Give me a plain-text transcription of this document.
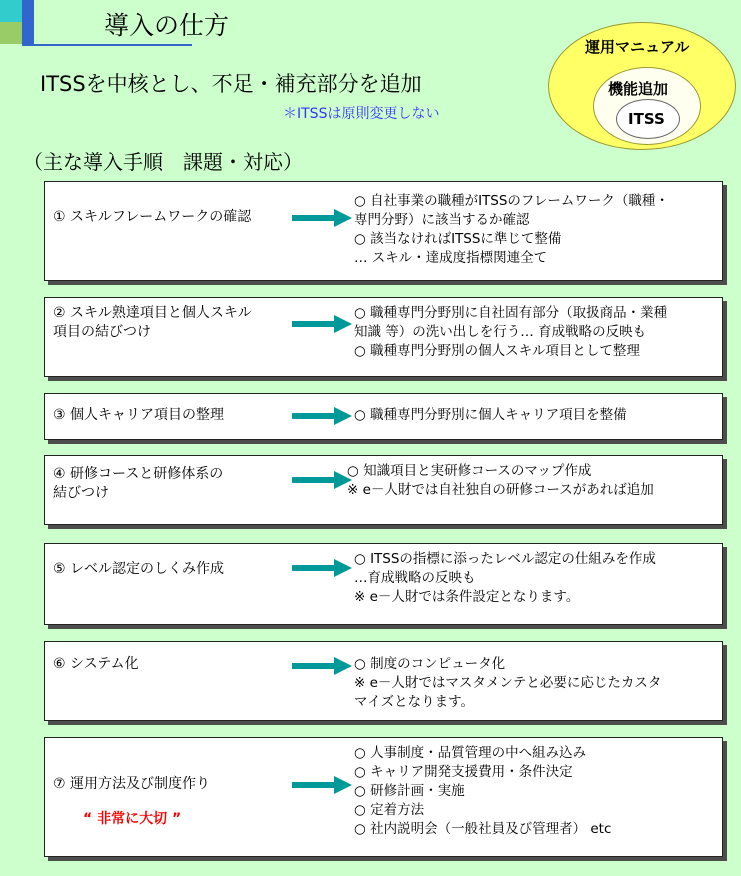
導入の仕方
運用マニュアル
機能追加
ITSS
ITSSを中核とし、不足・補充部分を追加
＊ITSSは原則変更しない
（主な導入手順　課題・対応）
① スキルフレームワークの確認
○ 自社事業の職種がITSSのフレームワーク（職種・
専門分野）に該当するか確認
○ 該当なければITSSに準じて整備
… スキル・達成度指標関連全て
② スキル熟達項目と個人スキル
項目の結びつけ
○ 職種専門分野別に自社固有部分（取扱商品・業種
知識 等）の洗い出しを行う… 育成戦略の反映も
○ 職種専門分野別の個人スキル項目として整理
③ 個人キャリア項目の整理	○ 職種専門分野別に個人キャリア項目を整備
④ 研修コースと研修体系の
結びつけ
○ 知識項目と実研修コースのマップ作成
※ e－人財では自社独自の研修コースがあれば追加
⑤ レベル認定のしくみ作成
○ ITSSの指標に添ったレベル認定の仕組みを作成
…育成戦略の反映も
※ e－人財では条件設定となります。
⑥ システム化	○ 制度のコンピュータ化
※ e－人財ではマスタメンテと必要に応じたカスタ
マイズとなります。
⑦ 運用方法及び制度作り
“ 非常に大切 ”
○ 人事制度・品質管理の中へ組み込み
○ キャリア開発支援費用・条件決定
○ 研修計画・実施
○ 定着方法
○ 社内説明会（一般社員及び管理者） etc
